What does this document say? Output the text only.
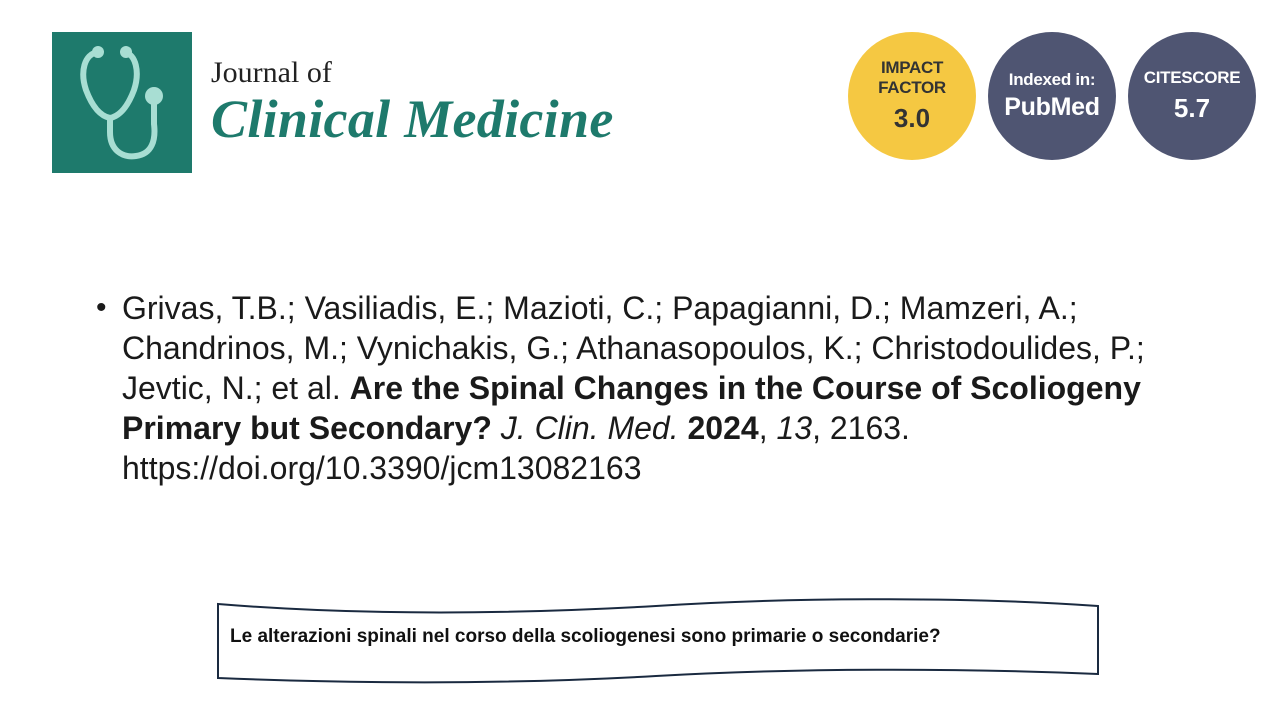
Journal of
Clinical Medicine
IMPACT
FACTOR
3.0
Indexed in:
PubMed
CITESCORE
5.7
• Grivas, T.B.; Vasiliadis, E.; Mazioti, C.; Papagianni, D.; Mamzeri, A.; Chandrinos, M.; Vynichakis, G.; Athanasopoulos, K.; Christodoulides, P.; Jevtic, N.; et al. Are the Spinal Changes in the Course of Scoliogeny Primary but Secondary? J. Clin. Med. 2024, 13, 2163. https://doi.org/10.3390/jcm13082163
Le alterazioni spinali nel corso della scoliogenesi sono primarie o secondarie?
